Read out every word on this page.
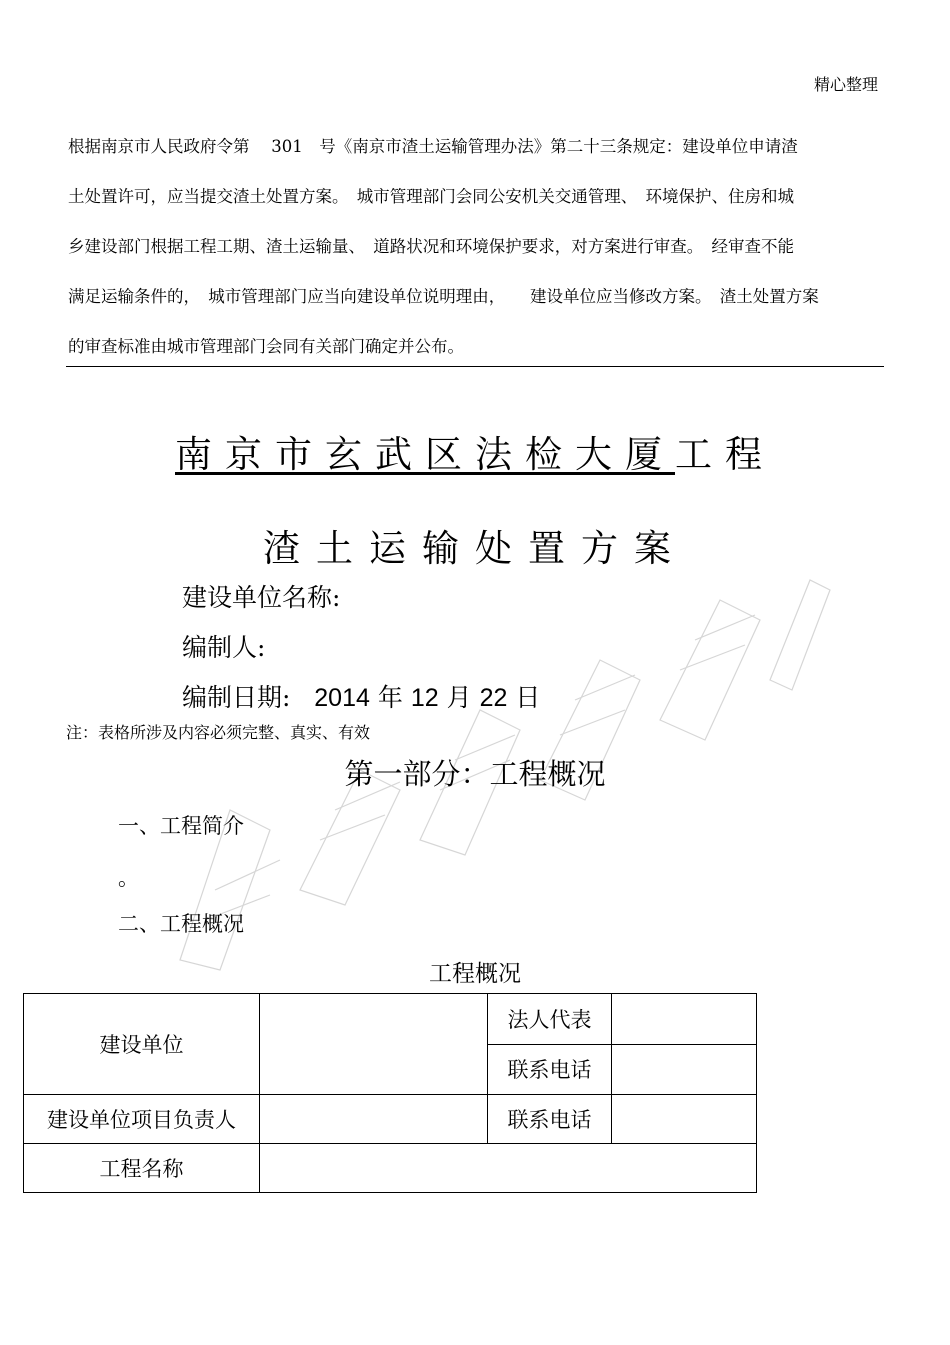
精心整理

根据南京市人民政府令第　 301　号《南京市渣土运输管理办法》第二十三条规定：建设单位申请渣

土处置许可，应当提交渣土处置方案。　城市管理部门会同公安机关交通管理、　环境保护、住房和城

乡建设部门根据工程工期、渣土运输量、　道路状况和环境保护要求，对方案进行审查。　经审查不能

满足运输条件的，　城市管理部门应当向建设单位说明理由，　　建设单位应当修改方案。　渣土处置方案

的审查标准由城市管理部门会同有关部门确定并公布。

南京市玄武区法检大厦工程
渣土运输处置方案
建设单位名称:
编制人:
编制日期: 2014 年 12 月 22 日
注：表格所涉及内容必须完整、真实、有效
第一部分：工程概况
一、工程简介
。
二、工程概况
工程概况
建设单位		法人代表	
		联系电话	
建设单位项目负责人		联系电话	
工程名称			
